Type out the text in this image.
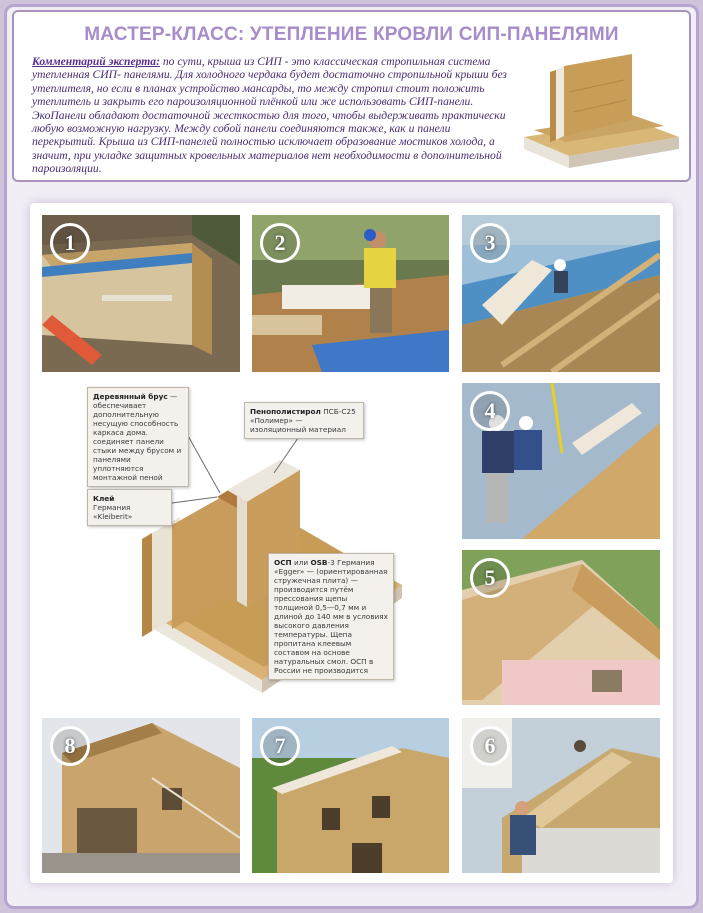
МАСТЕР-КЛАСС: УТЕПЛЕНИЕ КРОВЛИ СИП-ПАНЕЛЯМИ
Комментарий эксперта: по сути, крыша из СИП - это классическая стропильная система утепленная СИП- панелями. Для холодного чердака будет достаточно стропильной крыши без утеплителя, но если в планах устройство мансарды, то между стропил стоит положить утеплитель и закрыть его пароизоляционной плёнкой или же использовать СИП-панели. ЭкоПанели обладают достаточной жесткостью для того, чтобы выдерживать практически любую возможную нагрузку. Между собой панели соединяются также, как и панели перекрытий. Крыша из СИП-панелей полностью исключает образование мостиков холода, а значит, при укладке защитных кровельных материалов нет необходимости в дополнительной пароизоляции.
1	2	3
4
5
8	7	6
Деревянный брус — обеспечивает дополнительную несущую способность каркаса дома. соединяет панели стыки между брусом и панелями уплотняются монтажной пеной
Пенополистирол ПСБ-С25 «Полимер» — изоляционный материал
Клей
Германия «Kleiberit»
ОСП или OSB-3 Германия «Egger» — (ориентированная стружечная плита) — производится путём прессования щепы толщиной 0,5—0,7 мм и длиной до 140 мм в условиях высокого давления температуры. Щепа пропитана клеевым составом на основе натуральных смол. ОСП в России не производится
